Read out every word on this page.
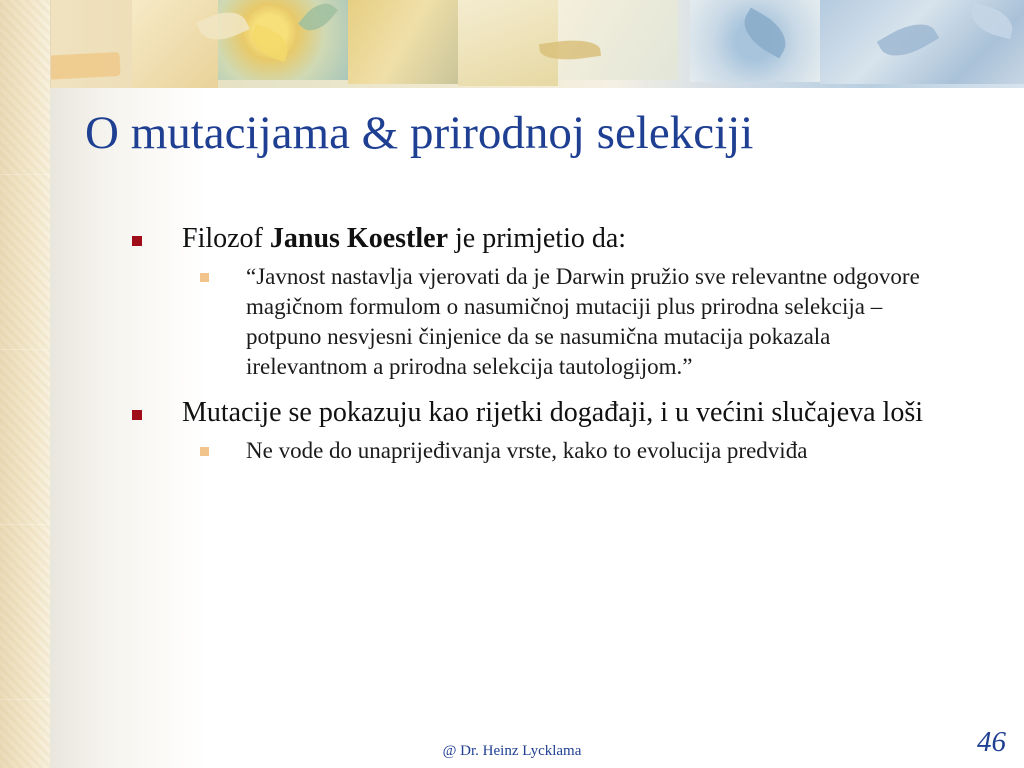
O mutacijama & prirodnoj selekciji
Filozof Janus Koestler je primjetio da:
“Javnost nastavlja vjerovati da je Darwin pružio sve relevantne odgovore magičnom formulom o nasumičnoj mutaciji plus prirodna selekcija – potpuno nesvjesni činjenice da se nasumična mutacija pokazala irelevantnom a prirodna selekcija tautologijom.”
Mutacije se pokazuju kao rijetki događaji, i u većini slučajeva loši
Ne vode do unaprijeđivanja vrste, kako to evolucija predviđa
@ Dr. Heinz Lycklama	46
